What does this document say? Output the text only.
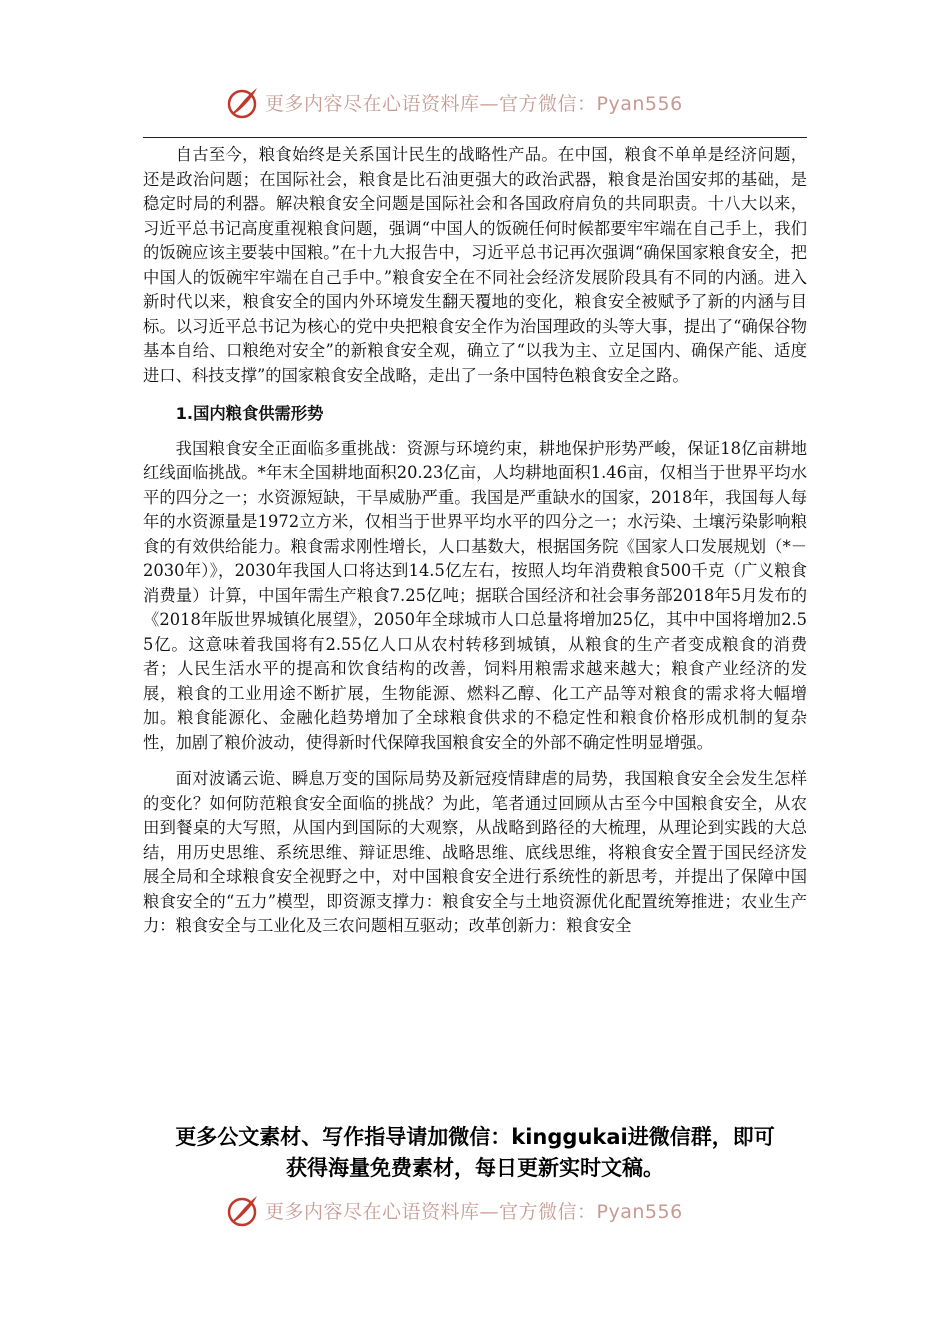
更多内容尽在心语资料库—官方微信：Pyan556

自古至今，粮食始终是关系国计民生的战略性产品。在中国，粮食不单单是经济问题，还是政治问题；在国际社会，粮食是比石油更强大的政治武器，粮食是治国安邦的基础，是稳定时局的利器。解决粮食安全问题是国际社会和各国政府肩负的共同职责。十八大以来，习近平总书记高度重视粮食问题，强调“中国人的饭碗任何时候都要牢牢端在自己手上，我们的饭碗应该主要装中国粮。”在十九大报告中，习近平总书记再次强调“确保国家粮食安全，把中国人的饭碗牢牢端在自己手中。”粮食安全在不同社会经济发展阶段具有不同的内涵。进入新时代以来，粮食安全的国内外环境发生翻天覆地的变化，粮食安全被赋予了新的内涵与目标。以习近平总书记为核心的党中央把粮食安全作为治国理政的头等大事，提出了“确保谷物基本自给、口粮绝对安全”的新粮食安全观，确立了“以我为主、立足国内、确保产能、适度进口、科技支撑”的国家粮食安全战略，走出了一条中国特色粮食安全之路。

1.国内粮食供需形势

我国粮食安全正面临多重挑战：资源与环境约束，耕地保护形势严峻，保证18亿亩耕地红线面临挑战。*年末全国耕地面积20.23亿亩，人均耕地面积1.46亩，仅相当于世界平均水平的四分之一；水资源短缺，干旱威胁严重。我国是严重缺水的国家，2018年，我国每人每年的水资源量是1972立方米，仅相当于世界平均水平的四分之一；水污染、土壤污染影响粮食的有效供给能力。粮食需求刚性增长，人口基数大，根据国务院《国家人口发展规划（*－2030年）》，2030年我国人口将达到14.5亿左右，按照人均年消费粮食500千克（广义粮食消费量）计算，中国年需生产粮食7.25亿吨；据联合国经济和社会事务部2018年5月发布的《2018年版世界城镇化展望》，2050年全球城市人口总量将增加25亿，其中中国将增加2.55亿。这意味着我国将有2.55亿人口从农村转移到城镇，从粮食的生产者变成粮食的消费者；人民生活水平的提高和饮食结构的改善，饲料用粮需求越来越大；粮食产业经济的发展，粮食的工业用途不断扩展，生物能源、燃料乙醇、化工产品等对粮食的需求将大幅增加。粮食能源化、金融化趋势增加了全球粮食供求的不稳定性和粮食价格形成机制的复杂性，加剧了粮价波动，使得新时代保障我国粮食安全的外部不确定性明显增强。

面对波谲云诡、瞬息万变的国际局势及新冠疫情肆虐的局势，我国粮食安全会发生怎样的变化？如何防范粮食安全面临的挑战？为此，笔者通过回顾从古至今中国粮食安全，从农田到餐桌的大写照，从国内到国际的大观察，从战略到路径的大梳理，从理论到实践的大总结，用历史思维、系统思维、辩证思维、战略思维、底线思维，将粮食安全置于国民经济发展全局和全球粮食安全视野之中，对中国粮食安全进行系统性的新思考，并提出了保障中国粮食安全的“五力”模型，即资源支撑力：粮食安全与土地资源优化配置统筹推进；农业生产力：粮食安全与工业化及三农问题相互驱动；改革创新力：粮食安全

更多公文素材、写作指导请加微信：kinggukai进微信群，即可
获得海量免费素材，每日更新实时文稿。
更多内容尽在心语资料库—官方微信：Pyan556
